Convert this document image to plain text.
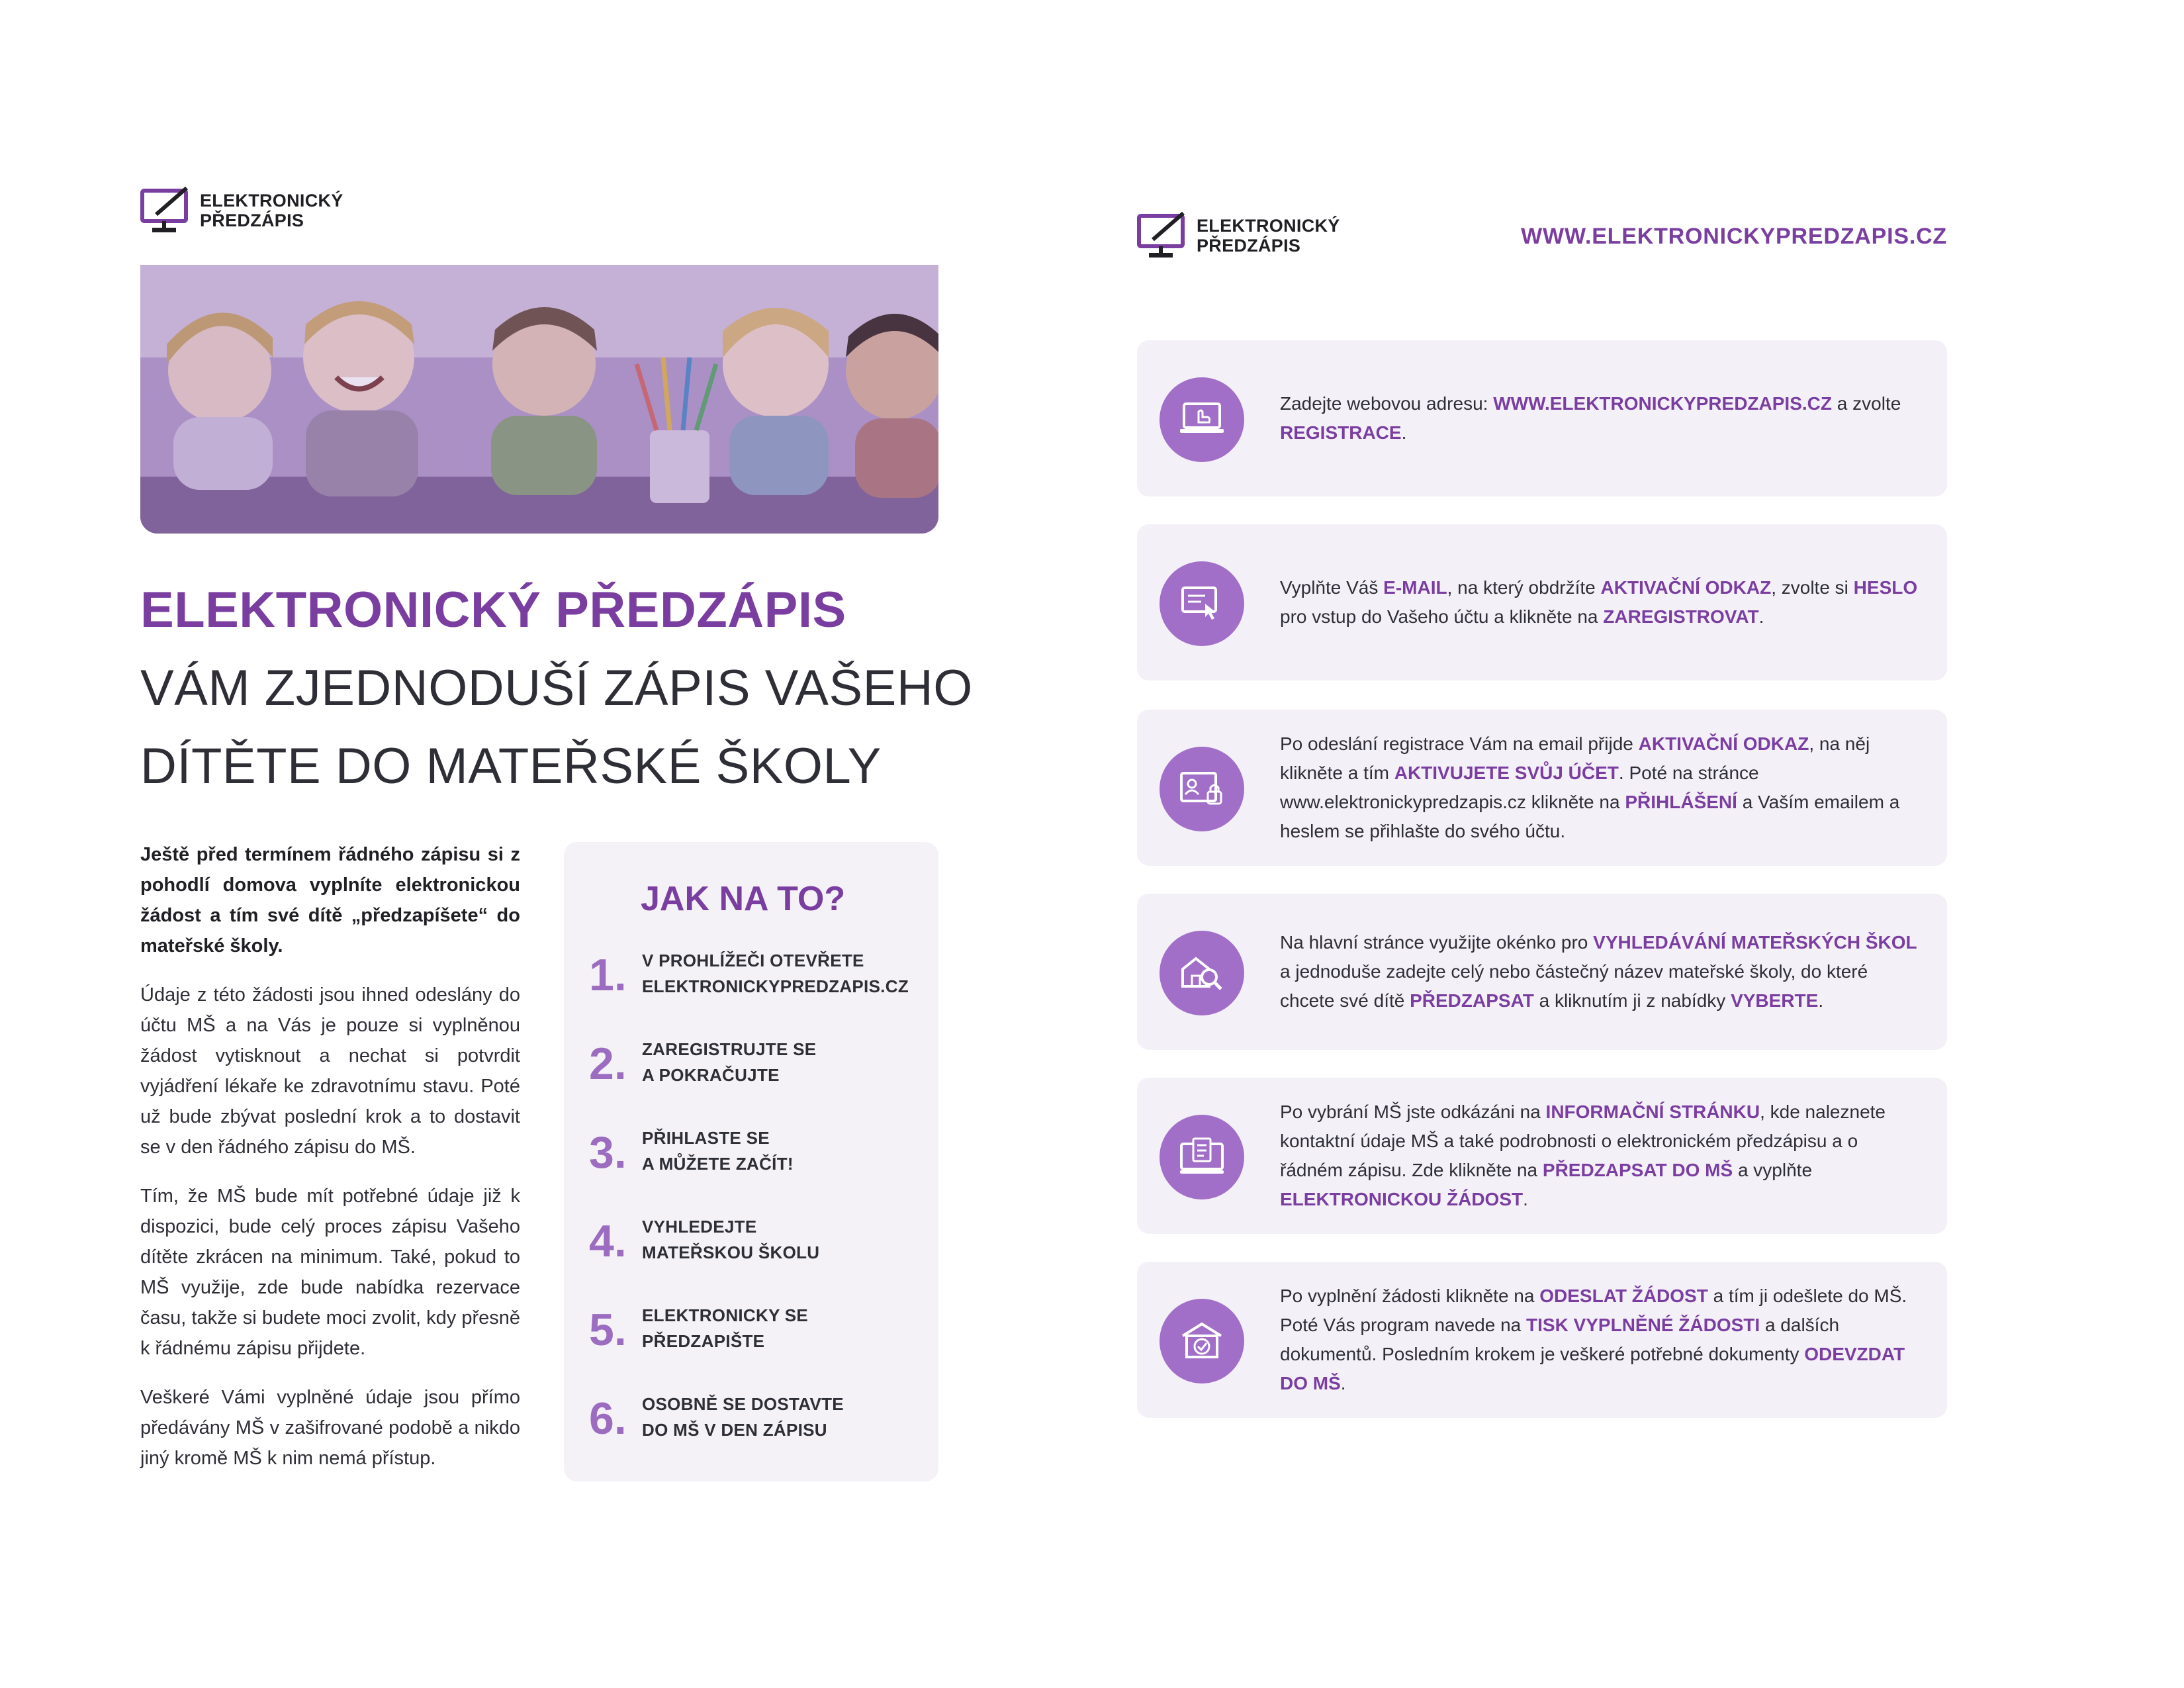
ELEKTRONICKÝ
PŘEDZÁPIS
ELEKTRONICKÝ PŘEDZÁPIS
VÁM ZJEDNODUŠÍ ZÁPIS VAŠEHO
DÍTĚTE DO MATEŘSKÉ ŠKOLY

Ještě před termínem řádného zápisu si z pohodlí domova vyplníte elektronickou žádost a tím své dítě „předzapíšete“ do mateřské školy.

Údaje z této žádosti jsou ihned odeslány do účtu MŠ a na Vás je pouze si vyplněnou žádost vytisknout a nechat si potvrdit vyjádření lékaře ke zdravotnímu stavu. Poté už bude zbývat poslední krok a to dostavit se v den řádného zápisu do MŠ.

Tím, že MŠ bude mít potřebné údaje již k dispozici, bude celý proces zápisu Vašeho dítěte zkrácen na minimum. Také, pokud to MŠ využije, zde bude nabídka rezervace času, takže si budete moci zvolit, kdy přesně k řádnému zápisu přijdete.

Veškeré Vámi vyplněné údaje jsou přímo předávány MŠ v zašifrované podobě a nikdo jiný kromě MŠ k nim nemá přístup.

JAK NA TO?
1. V PROHLÍŽEČI OTEVŘETE
ELEKTRONICKYPREDZAPIS.CZ
2. ZAREGISTRUJTE SE
A POKRAČUJTE
3. PŘIHLASTE SE
A MŮŽETE ZAČÍT!
4. VYHLEDEJTE
MATEŘSKOU ŠKOLU
5. ELEKTRONICKY SE
PŘEDZAPIŠTE
6. OSOBNĚ SE DOSTAVTE
DO MŠ V DEN ZÁPISU
ELEKTRONICKÝ
PŘEDZÁPIS	WWW.ELEKTRONICKYPREDZAPIS.CZ
Zadejte webovou adresu: WWW.ELEKTRONICKYPREDZAPIS.CZ a zvolte REGISTRACE.
Vyplňte Váš E-MAIL, na který obdržíte AKTIVAČNÍ ODKAZ, zvolte si HESLO pro vstup do Vašeho účtu a klikněte na ZAREGISTROVAT.
Po odeslání registrace Vám na email přijde AKTIVAČNÍ ODKAZ, na něj klikněte a tím AKTIVUJETE SVŮJ ÚČET. Poté na stránce www.elektronickypredzapis.cz klikněte na PŘIHLÁŠENÍ a Vaším emailem a heslem se přihlašte do svého účtu.
Na hlavní stránce využijte okénko pro VYHLEDÁVÁNÍ MATEŘSKÝCH ŠKOL a jednoduše zadejte celý nebo částečný název mateřské školy, do které chcete své dítě PŘEDZAPSAT a kliknutím ji z nabídky VYBERTE.
Po vybrání MŠ jste odkázáni na INFORMAČNÍ STRÁNKU, kde naleznete kontaktní údaje MŠ a také podrobnosti o elektronickém předzápisu a o řádném zápisu. Zde klikněte na PŘEDZAPSAT DO MŠ a vyplňte ELEKTRONICKOU ŽÁDOST.
Po vyplnění žádosti klikněte na ODESLAT ŽÁDOST a tím ji odešlete do MŠ. Poté Vás program navede na TISK VYPLNĚNÉ ŽÁDOSTI a dalších dokumentů. Posledním krokem je veškeré potřebné dokumenty ODEVZDAT DO MŠ.
